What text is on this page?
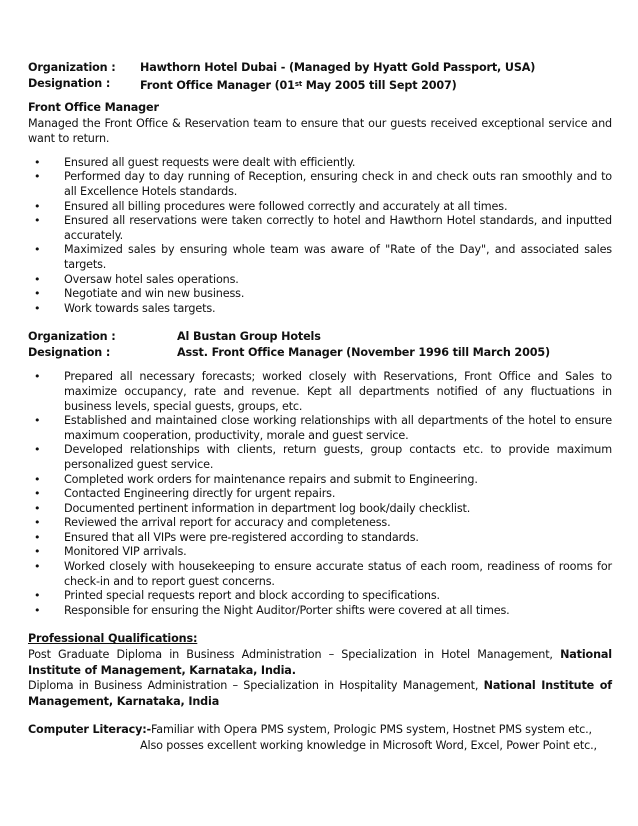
Organization :	Hawthorn Hotel Dubai - (Managed by Hyatt Gold Passport, USA)
Designation :	Front Office Manager (01st May 2005 till Sept 2007)
Front Office Manager
Managed the Front Office & Reservation team to ensure that our guests received exceptional service and want to return.
• Ensured all guest requests were dealt with efficiently.
• Performed day to day running of Reception, ensuring check in and check outs ran smoothly and to all Excellence Hotels standards.
• Ensured all billing procedures were followed correctly and accurately at all times.
• Ensured all reservations were taken correctly to hotel and Hawthorn Hotel standards, and inputted accurately.
• Maximized sales by ensuring whole team was aware of "Rate of the Day", and associated sales targets.
• Oversaw hotel sales operations.
• Negotiate and win new business.
• Work towards sales targets.
Organization :	Al Bustan Group Hotels
Designation :	Asst. Front Office Manager (November 1996 till March 2005)
• Prepared all necessary forecasts; worked closely with Reservations, Front Office and Sales to maximize occupancy, rate and revenue. Kept all departments notified of any fluctuations in business levels, special guests, groups, etc.
• Established and maintained close working relationships with all departments of the hotel to ensure maximum cooperation, productivity, morale and guest service.
• Developed relationships with clients, return guests, group contacts etc. to provide maximum personalized guest service.
• Completed work orders for maintenance repairs and submit to Engineering.
• Contacted Engineering directly for urgent repairs.
• Documented pertinent information in department log book/daily checklist.
• Reviewed the arrival report for accuracy and completeness.
• Ensured that all VIPs were pre-registered according to standards.
• Monitored VIP arrivals.
• Worked closely with housekeeping to ensure accurate status of each room, readiness of rooms for check-in and to report guest concerns.
• Printed special requests report and block according to specifications.
• Responsible for ensuring the Night Auditor/Porter shifts were covered at all times.
Professional Qualifications:
Post Graduate Diploma in Business Administration – Specialization in Hotel Management, National Institute of Management, Karnataka, India.
Diploma in Business Administration – Specialization in Hospitality Management, National Institute of Management, Karnataka, India
Computer Literacy:- Familiar with Opera PMS system, Prologic PMS system, Hostnet PMS system etc.,
Also posses excellent working knowledge in Microsoft Word, Excel, Power Point etc.,
